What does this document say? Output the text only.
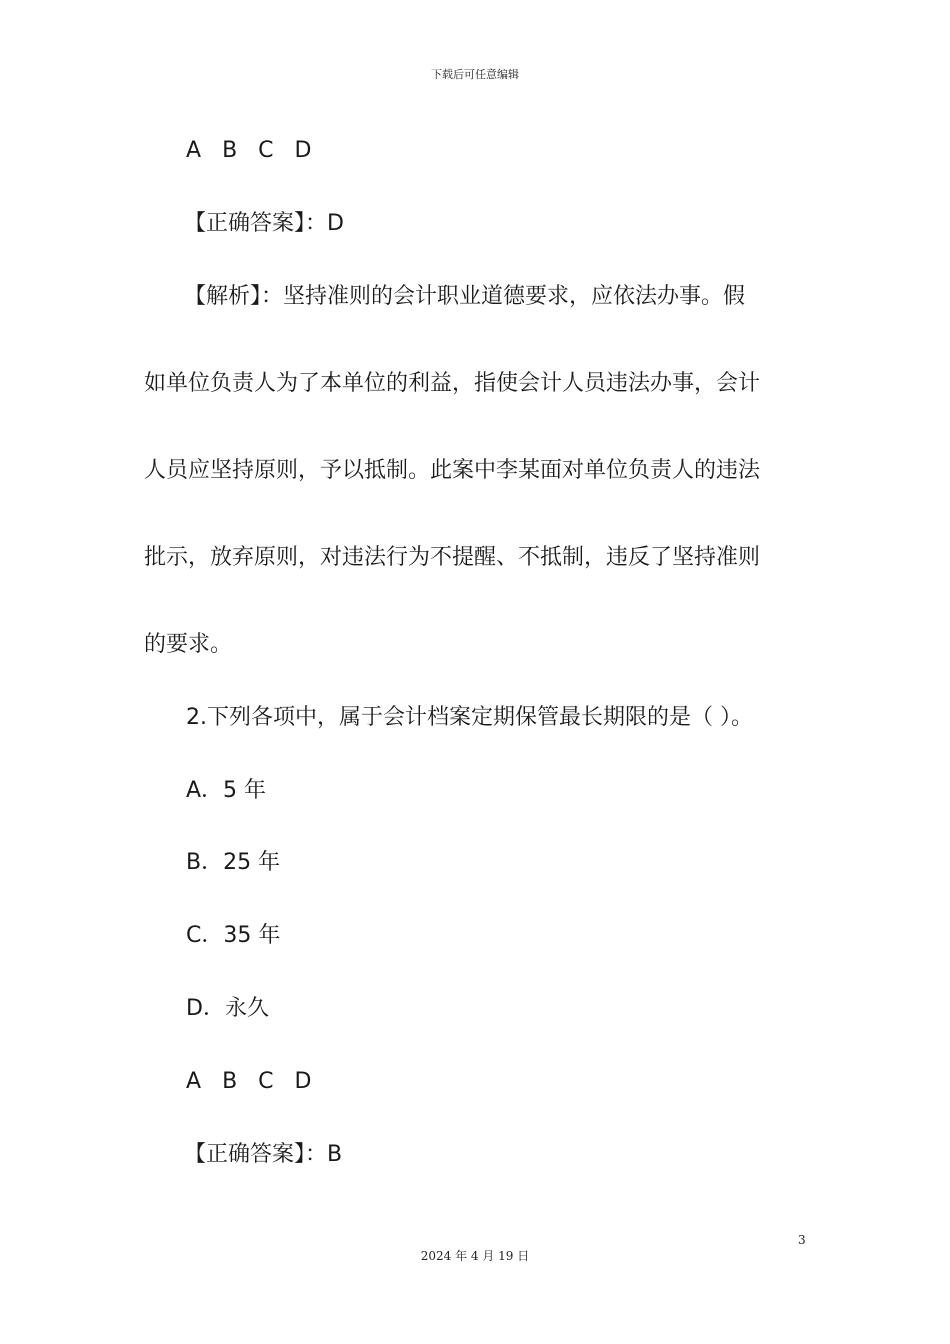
下载后可任意编辑
A B C D
【正确答案】：D
【解析】：坚持准则的会计职业道德要求，应依法办事。假
如单位负责人为了本单位的利益，指使会计人员违法办事，会计
人员应坚持原则，予以抵制。此案中李某面对单位负责人的违法
批示，放弃原则，对违法行为不提醒、不抵制，违反了坚持准则
的要求。
2.下列各项中，属于会计档案定期保管最长期限的是（ ）。
A．5 年
B．25 年
C．35 年
D．永久
A B C D
【正确答案】：B
3
2024 年 4 月 19 日
